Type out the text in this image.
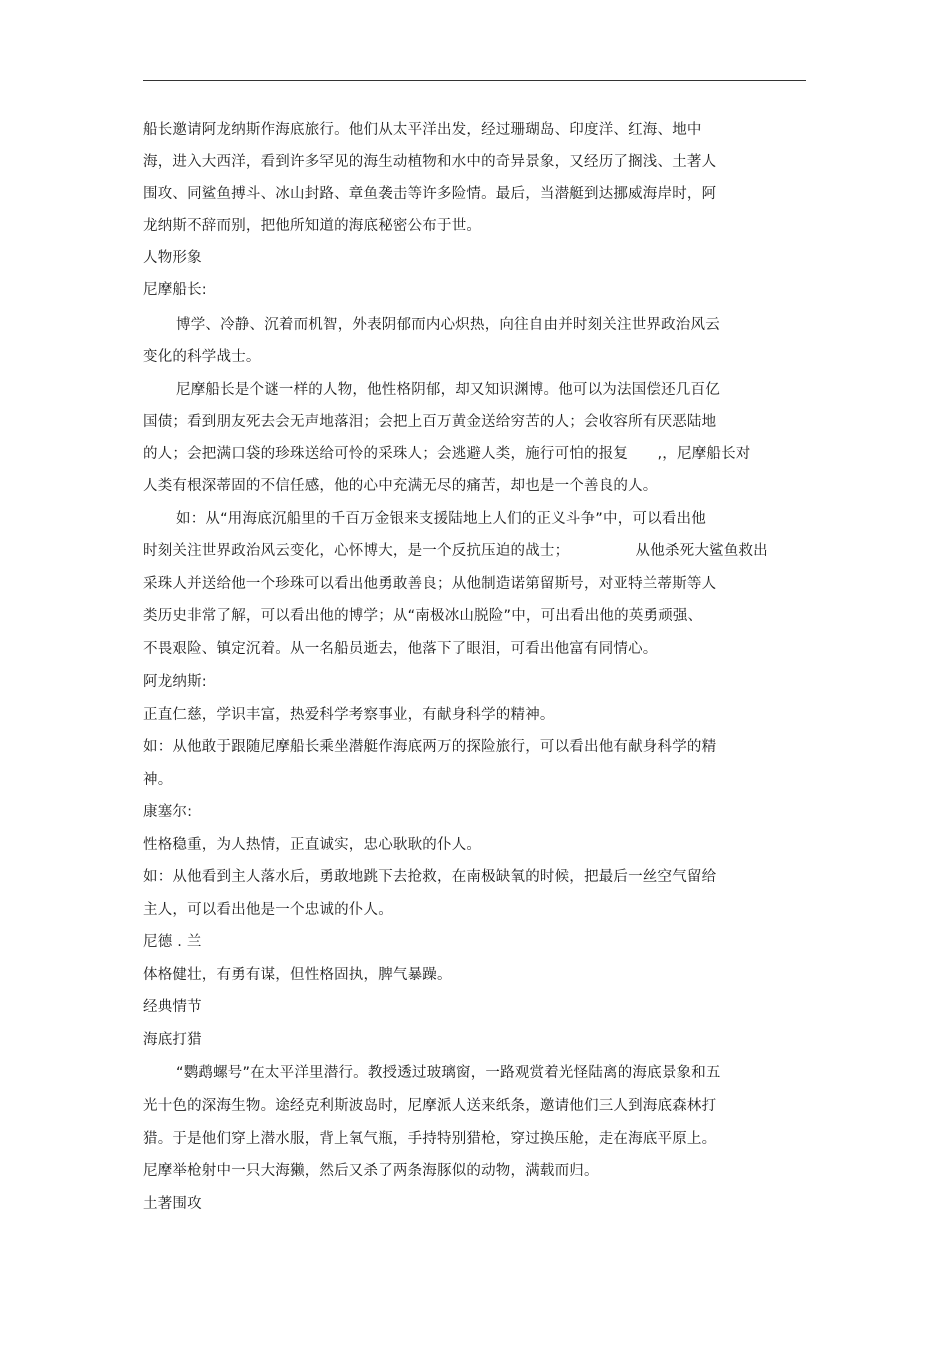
船长邀请阿龙纳斯作海底旅行。他们从太平洋出发，经过珊瑚岛、印度洋、红海、地中
海，进入大西洋，看到许多罕见的海生动植物和水中的奇异景象，又经历了搁浅、土著人
围攻、同鲨鱼搏斗、冰山封路、章鱼袭击等许多险情。最后，当潜艇到达挪威海岸时，阿
龙纳斯不辞而别，把他所知道的海底秘密公布于世。
人物形象
尼摩船长:
博学、冷静、沉着而机智，外表阴郁而内心炽热，向往自由并时刻关注世界政治风云
变化的科学战士。
尼摩船长是个谜一样的人物，他性格阴郁，却又知识渊博。他可以为法国偿还几百亿
国债；看到朋友死去会无声地落泪；会把上百万黄金送给穷苦的人；会收容所有厌恶陆地
的人；会把满口袋的珍珠送给可怜的采珠人；会逃避人类，施行可怕的报复　　,，尼摩船长对
人类有根深蒂固的不信任感，他的心中充满无尽的痛苦，却也是一个善良的人。
如：从“用海底沉船里的千百万金银来支援陆地上人们的正义斗争”中，可以看出他
时刻关注世界政治风云变化，心怀博大，是一个反抗压迫的战士；　　　　　从他杀死大鲨鱼救出
采珠人并送给他一个珍珠可以看出他勇敢善良；从他制造诺第留斯号，对亚特兰蒂斯等人
类历史非常了解，可以看出他的博学；从“南极冰山脱险”中，可出看出他的英勇顽强、
不畏艰险、镇定沉着。从一名船员逝去，他落下了眼泪，可看出他富有同情心。
阿龙纳斯:
正直仁慈，学识丰富，热爱科学考察事业，有献身科学的精神。
如：从他敢于跟随尼摩船长乘坐潜艇作海底两万的探险旅行，可以看出他有献身科学的精
神。
康塞尔:
性格稳重，为人热情，正直诚实，忠心耿耿的仆人。
如：从他看到主人落水后，勇敢地跳下去抢救，在南极缺氧的时候，把最后一丝空气留给
主人，可以看出他是一个忠诚的仆人。
尼德 . 兰
体格健壮，有勇有谋，但性格固执，脾气暴躁。
经典情节
海底打猎
“鹦鹉螺号”在太平洋里潜行。教授透过玻璃窗，一路观赏着光怪陆离的海底景象和五
光十色的深海生物。途经克利斯波岛时，尼摩派人送来纸条，邀请他们三人到海底森林打
猎。于是他们穿上潜水服，背上氧气瓶，手持特别猎枪，穿过换压舱，走在海底平原上。
尼摩举枪射中一只大海獭，然后又杀了两条海豚似的动物，满载而归。
土著围攻
